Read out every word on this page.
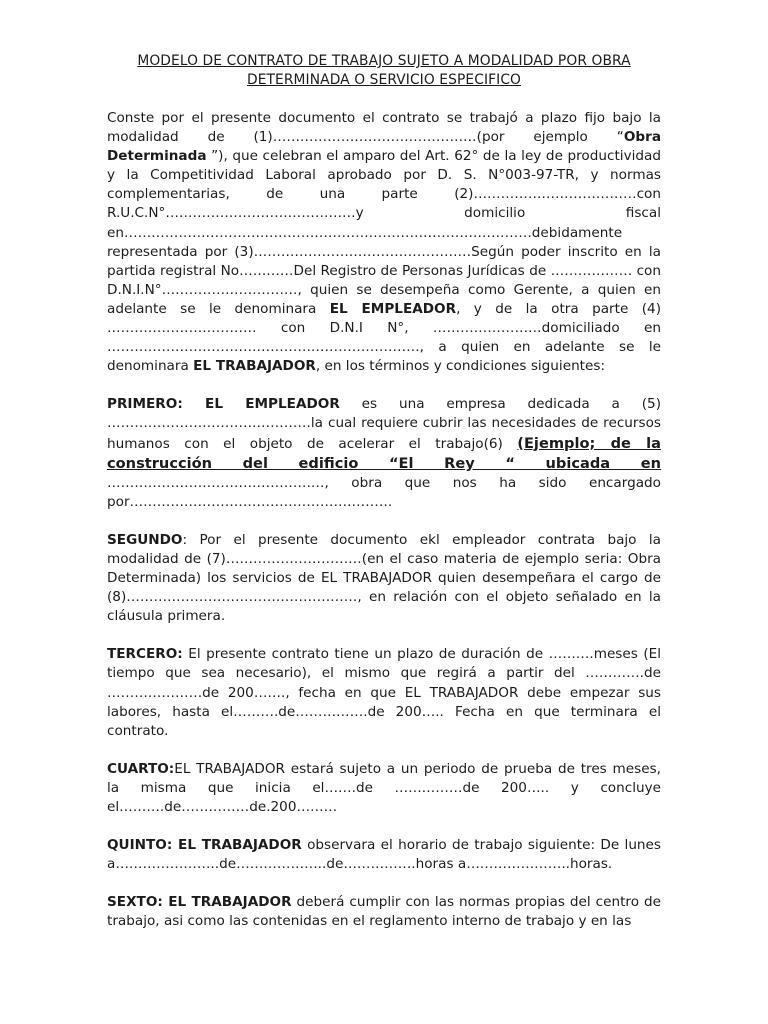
MODELO DE CONTRATO DE TRABAJO SUJETO A MODALIDAD POR OBRA
DETERMINADA O SERVICIO ESPECIFICO

Conste por el presente documento el contrato se trabajó a plazo fijo bajo la modalidad de (1)………………………………………(por ejemplo “Obra Determinada ”), que celebran el amparo del Art. 62° de la ley de productividad y la Competitividad Laboral aprobado por D. S. N°003-97-TR, y normas complementarias, de una parte (2)………………………………con R.U.C.N°……………………………………y domicilio fiscal en………………………………………………………………………………debidamente representada por (3)…………………………………………Según poder inscrito en la partida registral No…………Del Registro de Personas Jurídicas de ……………… con D.N.I.N°…………………………, quien se desempeña como Gerente, a quien en adelante se le denominara EL EMPLEADOR, y de la otra parte (4) …………………………… con D.N.I N°, ……………………domiciliado en ……………………………………………………………, a quien en adelante se le denominara EL TRABAJADOR, en los términos y condiciones siguientes:

PRIMERO: EL EMPLEADOR es una empresa dedicada a (5) ………………………………………la cual requiere cubrir las necesidades de recursos humanos con el objeto de acelerar el trabajo(6) (Ejemplo; de la construcción del edificio “El Rey “ ubicada en …………………………………………, obra que nos ha sido encargado por………………………………………………….

SEGUNDO: Por el presente documento ekl empleador contrata bajo la modalidad de (7)…………………………(en el caso materia de ejemplo seria: Obra Determinada) los servicios de EL TRABAJADOR quien desempeñara el cargo de (8)……………………………………………, en relación con el objeto señalado en la cláusula primera.

TERCERO: El presente contrato tiene un plazo de duración de ……….meses (El tiempo que sea necesario), el mismo que regirá a partir del ………….de …………………de 200……., fecha en que EL TRABAJADOR debe empezar sus labores, hasta el……….de…………….de 200….. Fecha en que terminara el contrato.

CUARTO:EL TRABAJADOR estará sujeto a un periodo de prueba de tres meses, la misma que inicia el…….de ……………de 200….. y concluye el……….de……………de.200………

QUINTO: EL TRABAJADOR observara el horario de trabajo siguiente: De lunes a…………………..de………………..de…………….horas a…………………..horas.

SEXTO: EL TRABAJADOR deberá cumplir con las normas propias del centro de trabajo, asi como las contenidas en el reglamento interno de trabajo y en las
